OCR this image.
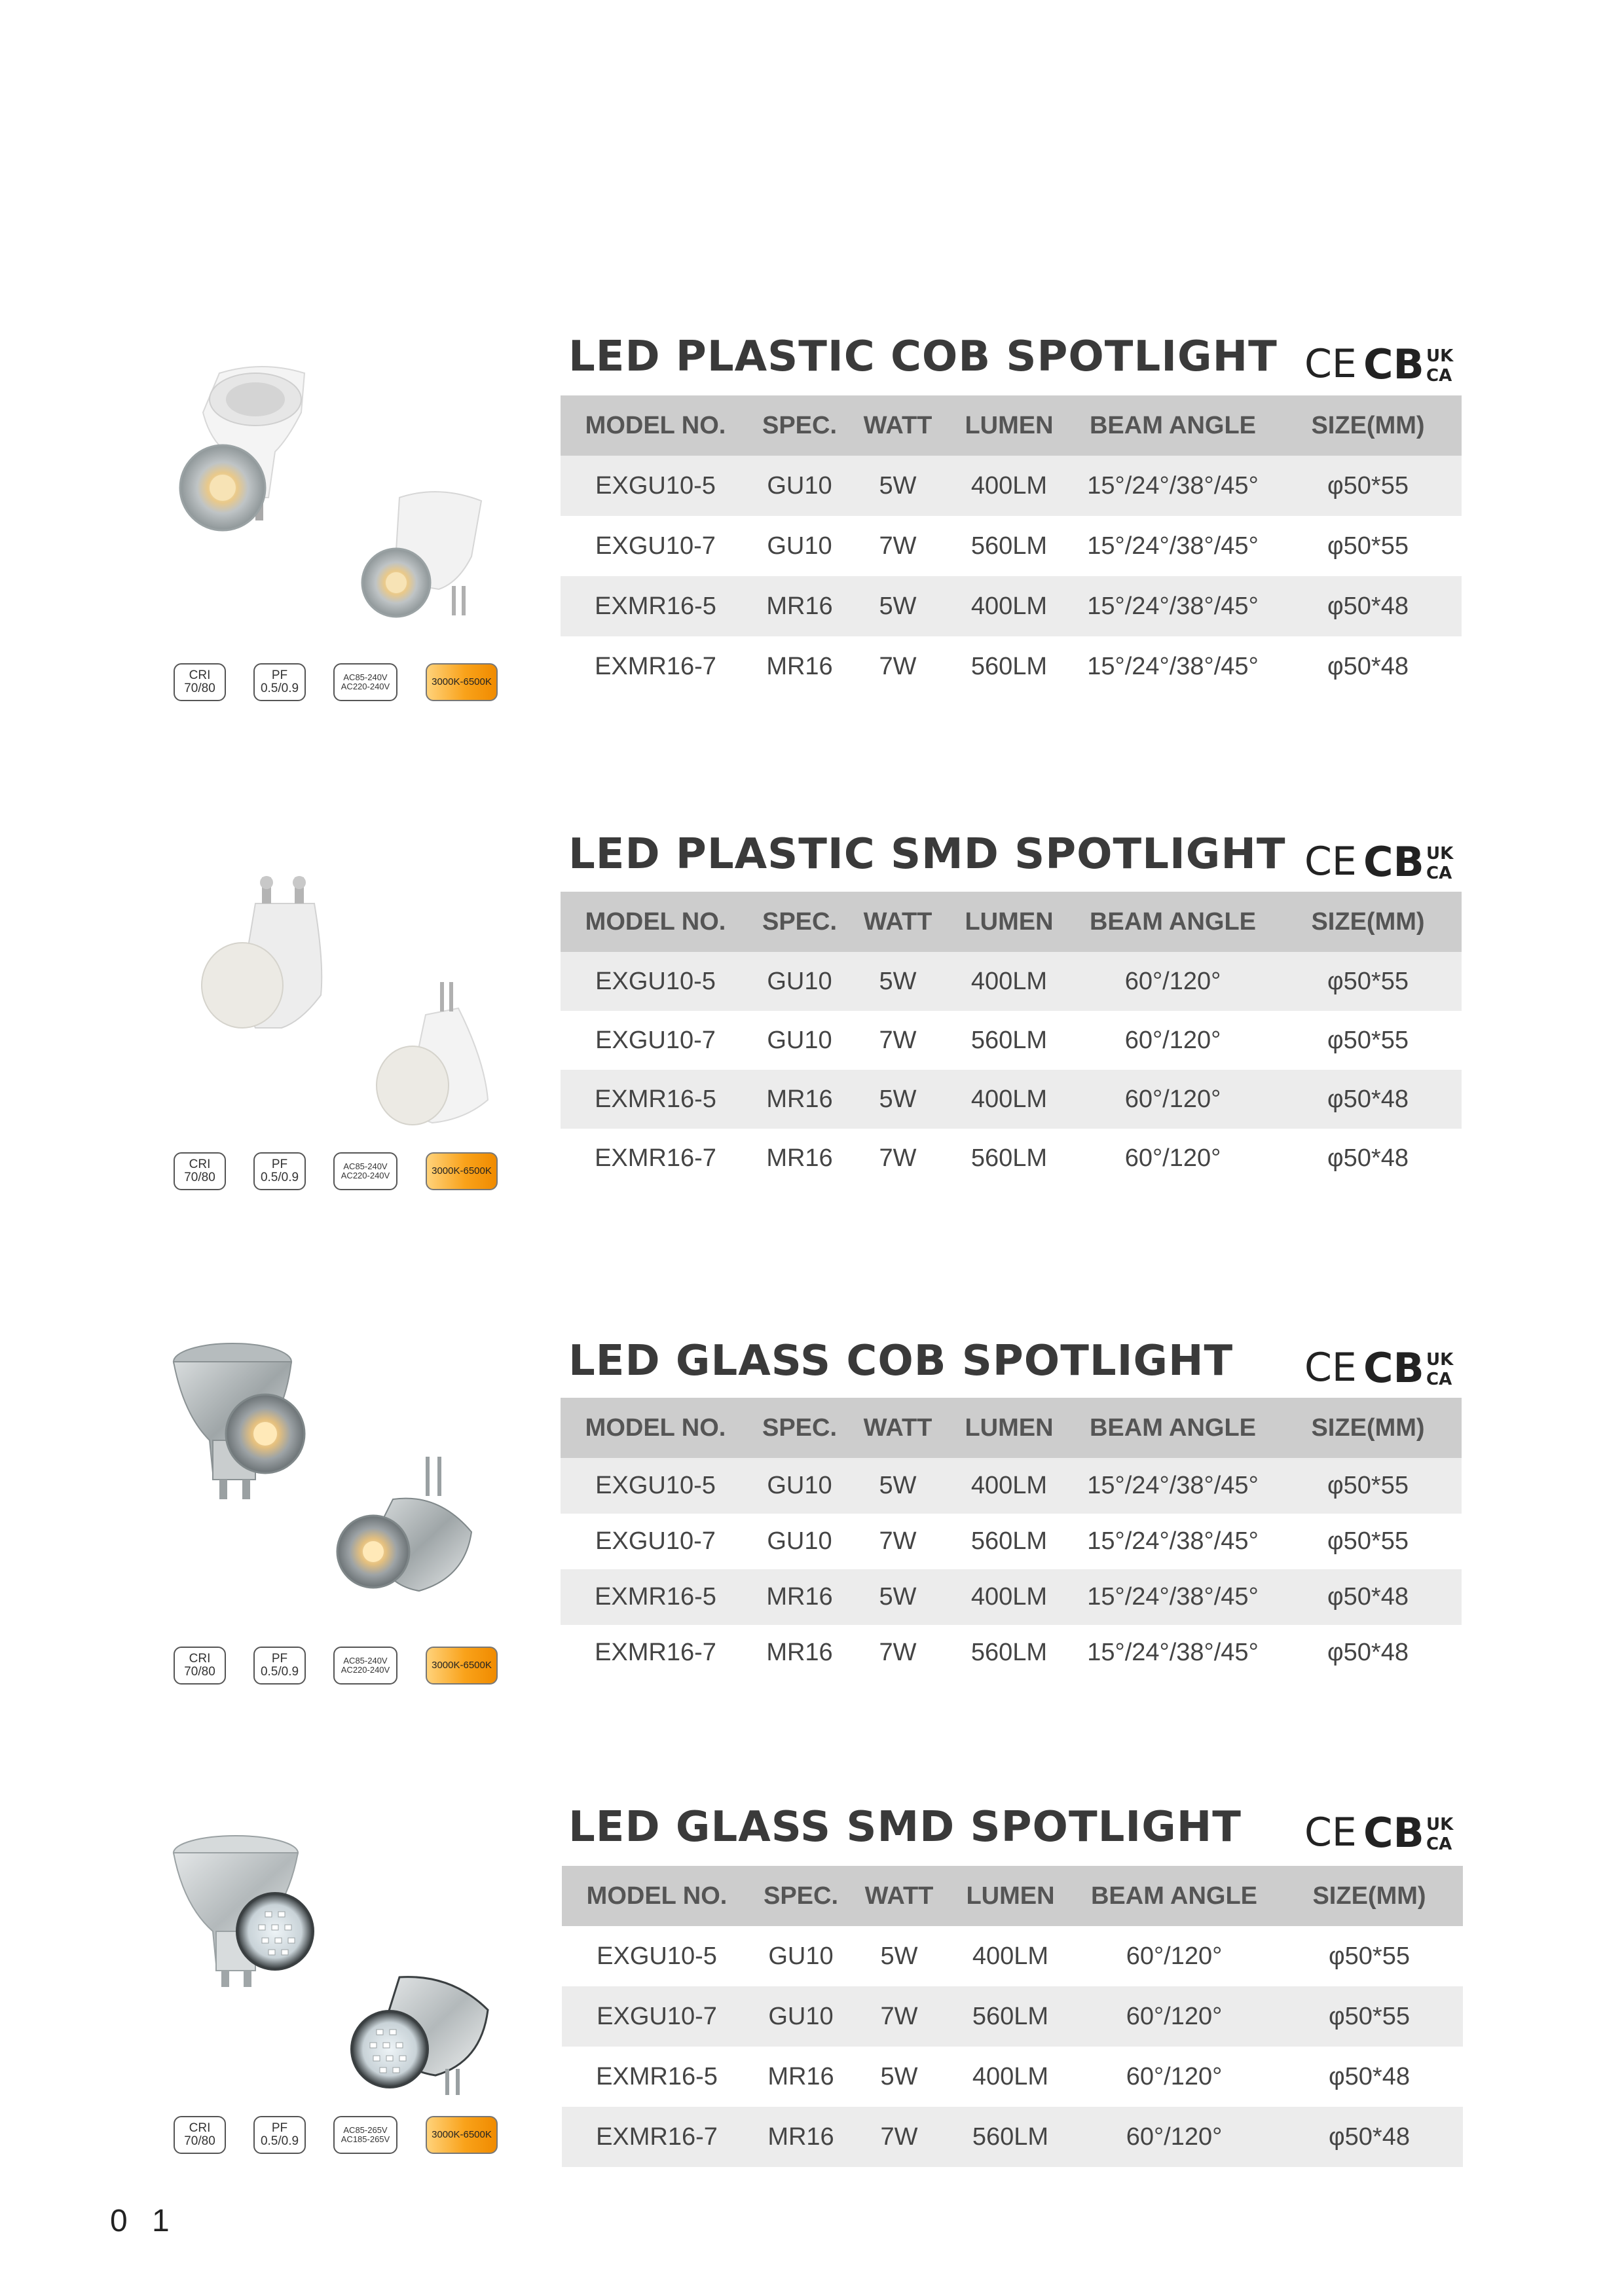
LED PLASTIC COB SPOTLIGHT CE CB UK
CA
MODEL NO.	SPEC.	WATT	LUMEN	BEAM ANGLE	SIZE(MM)
EXGU10-5	GU10	5W	400LM	15°/24°/38°/45°	φ50*55
EXGU10-7	GU10	7W	560LM	15°/24°/38°/45°	φ50*55
EXMR16-5	MR16	5W	400LM	15°/24°/38°/45°	φ50*48
EXMR16-7	MR16	7W	560LM	15°/24°/38°/45°	φ50*48
CRI
70/80
PF
0.5/0.9
AC85-240V
AC220-240V	3000K-6500K
LED PLASTIC SMD SPOTLIGHT CE CB UK
CA
MODEL NO.	SPEC.	WATT	LUMEN	BEAM ANGLE	SIZE(MM)
EXGU10-5	GU10	5W	400LM	60°/120°	φ50*55
EXGU10-7	GU10	7W	560LM	60°/120°	φ50*55
EXMR16-5	MR16	5W	400LM	60°/120°	φ50*48
EXMR16-7	MR16	7W	560LM	60°/120°	φ50*48
CRI
70/80
PF
0.5/0.9
AC85-240V
AC220-240V	3000K-6500K
LED GLASS COB SPOTLIGHT CE CB UK
CA
MODEL NO.	SPEC.	WATT	LUMEN	BEAM ANGLE	SIZE(MM)
EXGU10-5	GU10	5W	400LM	15°/24°/38°/45°	φ50*55
EXGU10-7	GU10	7W	560LM	15°/24°/38°/45°	φ50*55
EXMR16-5	MR16	5W	400LM	15°/24°/38°/45°	φ50*48
EXMR16-7	MR16	7W	560LM	15°/24°/38°/45°	φ50*48
CRI
70/80
PF
0.5/0.9
AC85-240V
AC220-240V	3000K-6500K
LED GLASS SMD SPOTLIGHT CE CB UK
CA
MODEL NO.	SPEC.	WATT	LUMEN	BEAM ANGLE	SIZE(MM)
EXGU10-5	GU10	5W	400LM	60°/120°	φ50*55
EXGU10-7	GU10	7W	560LM	60°/120°	φ50*55
EXMR16-5	MR16	5W	400LM	60°/120°	φ50*48
EXMR16-7	MR16	7W	560LM	60°/120°	φ50*48
CRI
70/80
PF
0.5/0.9
AC85-265V
AC185-265V	3000K-6500K
0 1
